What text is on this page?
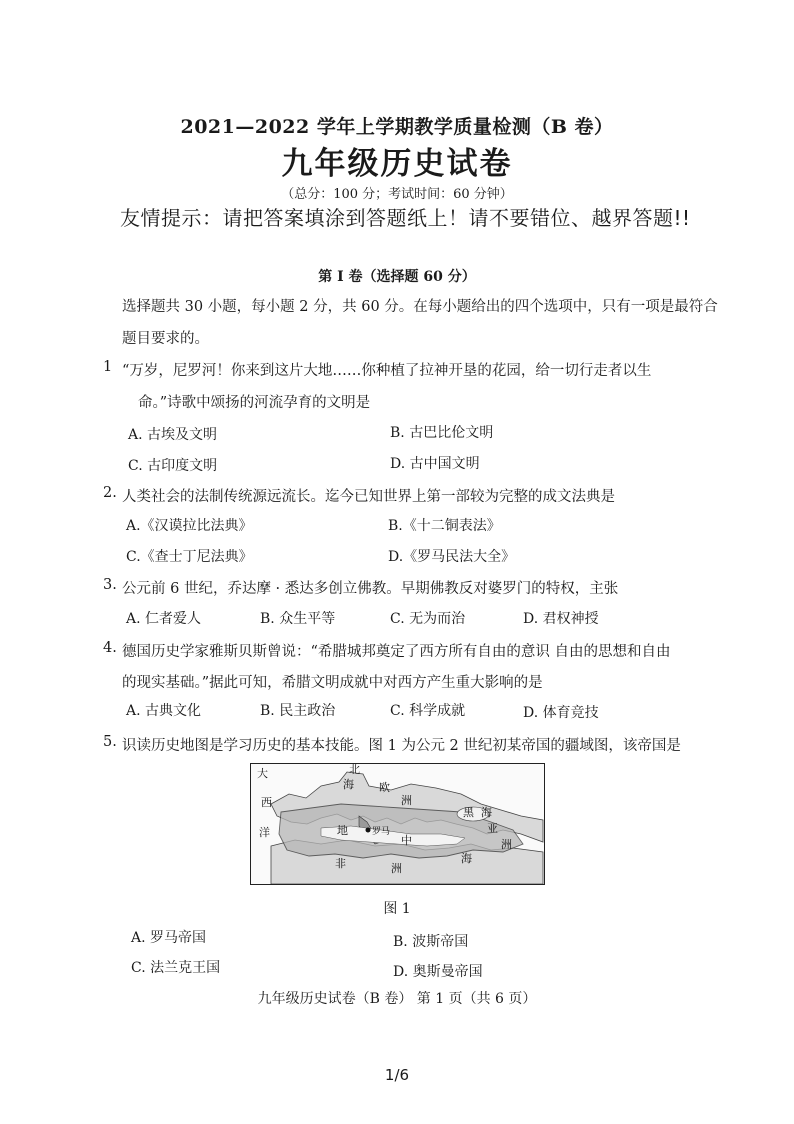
2021—2022 学年上学期教学质量检测（B 卷）
九年级历史试卷
（总分：100 分；考试时间：60 分钟）
友情提示：请把答案填涂到答题纸上！请不要错位、越界答题!!
第 I 卷（选择题 60 分）
选择题共 30 小题，每小题 2 分，共 60 分。在每小题给出的四个选项中，只有一项是最符合
题目要求的。
1 “万岁，尼罗河！你来到这片大地……你种植了拉神开垦的花园，给一切行走者以生
命。”诗歌中颂扬的河流孕育的文明是
A. 古埃及文明	B. 古巴比伦文明
C. 古印度文明	D. 古中国文明
2. 人类社会的法制传统源远流长。迄今已知世界上第一部较为完整的成文法典是
A.《汉谟拉比法典》	B.《十二铜表法》
C.《查士丁尼法典》	D.《罗马民法大全》
3. 公元前 6 世纪，乔达摩 · 悉达多创立佛教。早期佛教反对婆罗门的特权，主张
A. 仁者爱人	B. 众生平等	C. 无为而治	D. 君权神授
4. 德国历史学家雅斯贝斯曾说：“希腊城邦奠定了西方所有自由的意识 自由的思想和自由
的现实基础。”据此可知，希腊文明成就中对西方产生重大影响的是
A. 古典文化	B. 民主政治	C. 科学成就	D. 体育竞技
5. 识读历史地图是学习历史的基本技能。图 1 为公元 2 世纪初某帝国的疆域图，该帝国是
大
西
洋
北
海 欧
洲
黑 海
亚
洲
地
中
海
非	洲
罗马
图 1
A. 罗马帝国	B. 波斯帝国
C. 法兰克王国	D. 奥斯曼帝国
九年级历史试卷（B 卷） 第 1 页（共 6 页）
1/6
